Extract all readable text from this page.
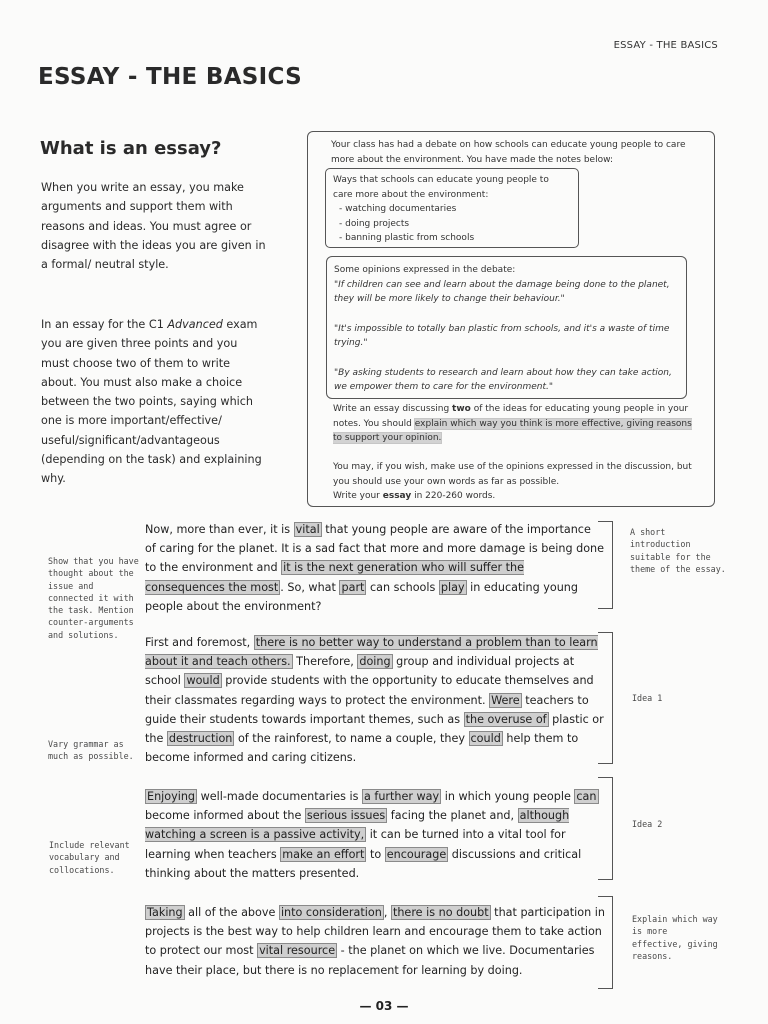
ESSAY - THE BASICS
ESSAY - THE BASICS
What is an essay?

When you write an essay, you make arguments and support them with reasons and ideas. You must agree or disagree with the ideas you are given in a formal/ neutral style.

In an essay for the C1 Advanced exam you are given three points and you must choose two of them to write about. You must also make a choice between the two points, saying which one is more important/effective/ useful/significant/advantageous (depending on the task) and explaining why.

Your class has had a debate on how schools can educate young people to care more about the environment. You have made the notes below:
Ways that schools can educate young people to care more about the environment:
- watching documentaries
- doing projects
- banning plastic from schools
Some opinions expressed in the debate:

"If children can see and learn about the damage being done to the planet, they will be more likely to change their behaviour."

"It's impossible to totally ban plastic from schools, and it's a waste of time trying."

"By asking students to research and learn about how they can take action, we empower them to care for the environment."

Write an essay discussing two of the ideas for educating young people in your notes. You should explain which way you think is more effective, giving reasons to support your opinion.
You may, if you wish, make use of the opinions expressed in the discussion, but you should use your own words as far as possible.
Write your essay in 220-260 words.

Now, more than ever, it is vital that young people are aware of the importance of caring for the planet. It is a sad fact that more and more damage is being done to the environment and it is the next generation who will suffer the consequences the most . So, what part can schools play in educating young people about the environment?

First and foremost, there is no better way to understand a problem than to learn about it and teach others. Therefore, doing group and individual projects at school would provide students with the opportunity to educate themselves and their classmates regarding ways to protect the environment. Were teachers to guide their students towards important themes, such as the overuse of plastic or the destruction of the rainforest, to name a couple, they could help them to become informed and caring citizens.

Enjoying well-made documentaries is a further way in which young people can become informed about the serious issues facing the planet and, although watching a screen is a passive activity, it can be turned into a vital tool for learning when teachers make an effort to encourage discussions and critical thinking about the matters presented.

Taking all of the above into consideration , there is no doubt that participation in projects is the best way to help children learn and encourage them to take action to protect our most vital resource - the planet on which we live. Documentaries have their place, but there is no replacement for learning by doing.

Show that you have thought about the issue and connected it with the task. Mention counter-arguments and solutions.
Vary grammar as much as possible.
Include relevant vocabulary and collocations.
A short introduction suitable for the theme of the essay.
Idea 1
Idea 2
Explain which way is more effective, giving reasons.
— 03 —
